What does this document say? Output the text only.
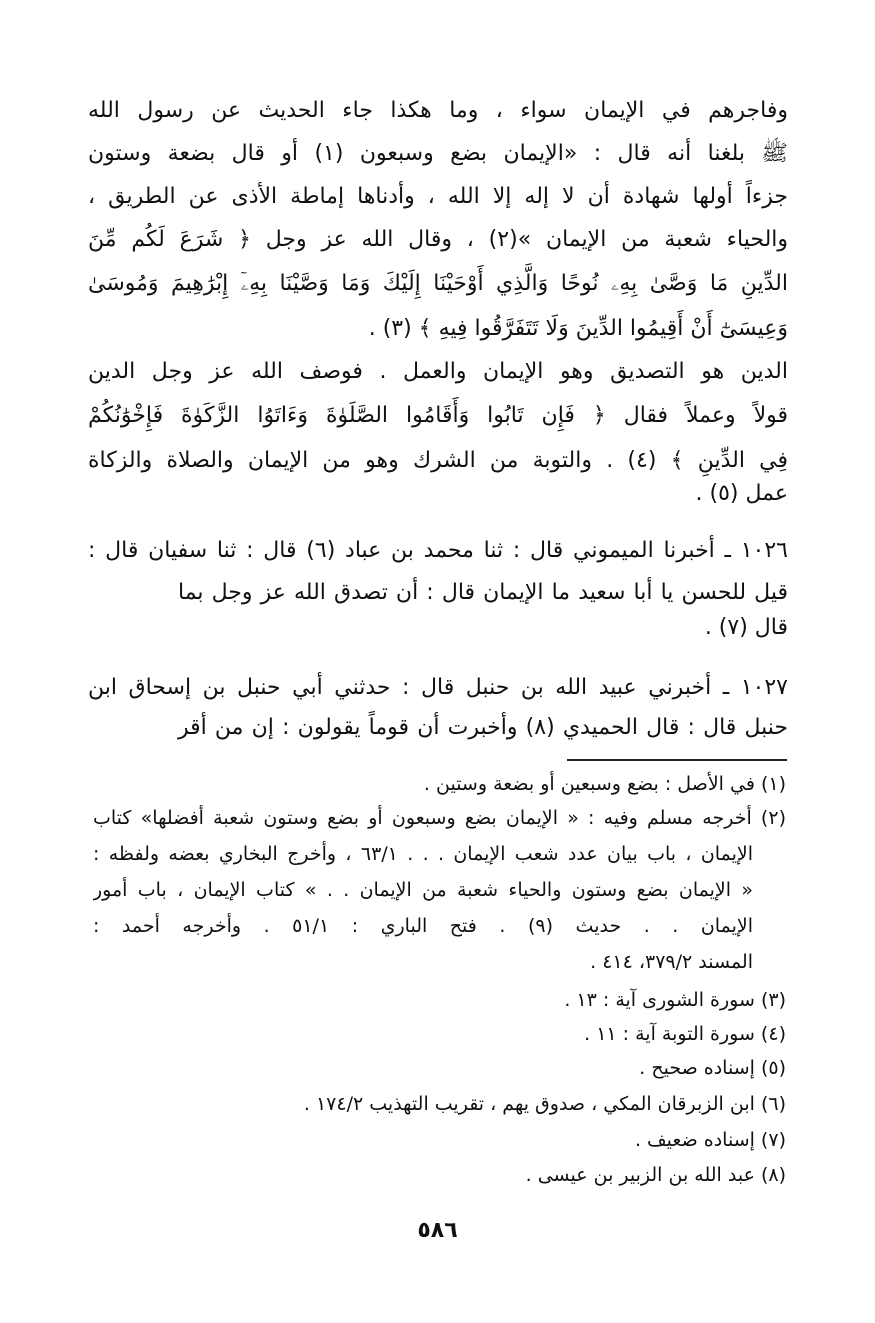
وفاجرهم في الإيمان سواء ، وما هكذا جاء الحديث عن رسول الله
ﷺ بلغنا أنه قال : «الإيمان بضع وسبعون (١) أو قال بضعة وستون
جزءاً أولها شهادة أن لا إله إلا الله ، وأدناها إماطة الأذى عن الطريق ،
والحياء شعبة من الإيمان »(٢) ، وقال الله عز وجل ﴿ شَرَعَ لَكُم مِّنَ
الدِّينِ مَا وَصَّىٰ بِهِۦ نُوحًا وَالَّذِي أَوْحَيْنَا إِلَيْكَ وَمَا وَصَّيْنَا بِهِۦٓ إِبْرَٰهِيمَ وَمُوسَىٰ
وَعِيسَىٰٓ أَنْ أَقِيمُوا الدِّينَ وَلَا تَتَفَرَّقُوا فِيهِ ﴾ (٣) .
الدين هو التصديق وهو الإيمان والعمل . فوصف الله عز وجل الدين
قولاً وعملاً فقال ﴿ فَإِن تَابُوا وَأَقَامُوا الصَّلَوٰةَ وَءَاتَوُا الزَّكَوٰةَ فَإِخْوَٰنُكُمْ
فِي الدِّينِ ﴾ (٤) . والتوبة من الشرك وهو من الإيمان والصلاة والزكاة
عمل (٥) .
١٠٢٦ ـ أخبرنا الميموني قال : ثنا محمد بن عباد (٦) قال : ثنا سفيان قال :
قيل للحسن يا أبا سعيد ما الإيمان قال : أن تصدق الله عز وجل بما
قال (٧) .
١٠٢٧ ـ أخبرني عبيد الله بن حنبل قال : حدثني أبي حنبل بن إسحاق ابن
حنبل قال : قال الحميدي (٨) وأخبرت أن قوماً يقولون : إن من أقر
(١) في الأصل : بضع وسبعين أو بضعة وستين .
(٢) أخرجه مسلم وفيه : « الإيمان بضع وسبعون أو بضع وستون شعبة أفضلها» كتاب
الإيمان ، باب بيان عدد شعب الإيمان . . . ٦٣/١ ، وأخرج البخاري بعضه ولفظه :
« الإيمان بضع وستون والحياء شعبة من الإيمان . . » كتاب الإيمان ، باب أمور
الإيمان . . حديث (٩) . فتح الباري : ٥١/١ . وأخرجه أحمد :
المسند ٣٧٩/٢، ٤١٤ .
(٣) سورة الشورى آية : ١٣ .
(٤) سورة التوبة آية : ١١ .
(٥) إسناده صحيح .
(٦) ابن الزبرقان المكي ، صدوق يهم ، تقريب التهذيب ١٧٤/٢ .
(٧) إسناده ضعيف .
(٨) عبد الله بن الزبير بن عيسى .
٥٨٦
